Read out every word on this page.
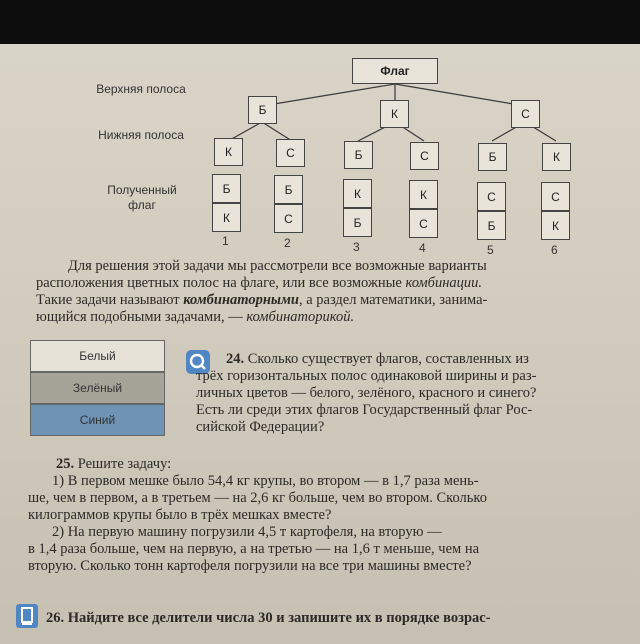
Флаг
Верхняя полоса
Нижняя полоса
Полученный флаг
Б	К	С
К	С	Б	С	Б	К
Б
К
1
Б
С
2
К
Б
3
К
С
4
С
Б
5
С
К
6
Для решения этой задачи мы рассмотрели все возможные варианты
расположения цветных полос на флаге, или все возможные комбинации.
Такие задачи называют комбинаторными, а раздел математики, занима-
ющийся подобными задачами, — комбинаторикой.
Белый
Зелёный
Синий
24. Сколько существует флагов, составленных из
трёх горизонтальных полос одинаковой ширины и раз-
личных цветов — белого, зелёного, красного и синего?
Есть ли среди этих флагов Государственный флаг Рос-
сийской Федерации?
25. Решите задачу:
1) В первом мешке было 54,4 кг крупы, во втором — в 1,7 раза мень-
ше, чем в первом, а в третьем — на 2,6 кг больше, чем во втором. Сколько
килограммов крупы было в трёх мешках вместе?
2) На первую машину погрузили 4,5 т картофеля, на вторую —
в 1,4 раза больше, чем на первую, а на третью — на 1,6 т меньше, чем на
вторую. Сколько тонн картофеля погрузили на все три машины вместе?
26. Найдите все делители числа 30 и запишите их в порядке возраc-
